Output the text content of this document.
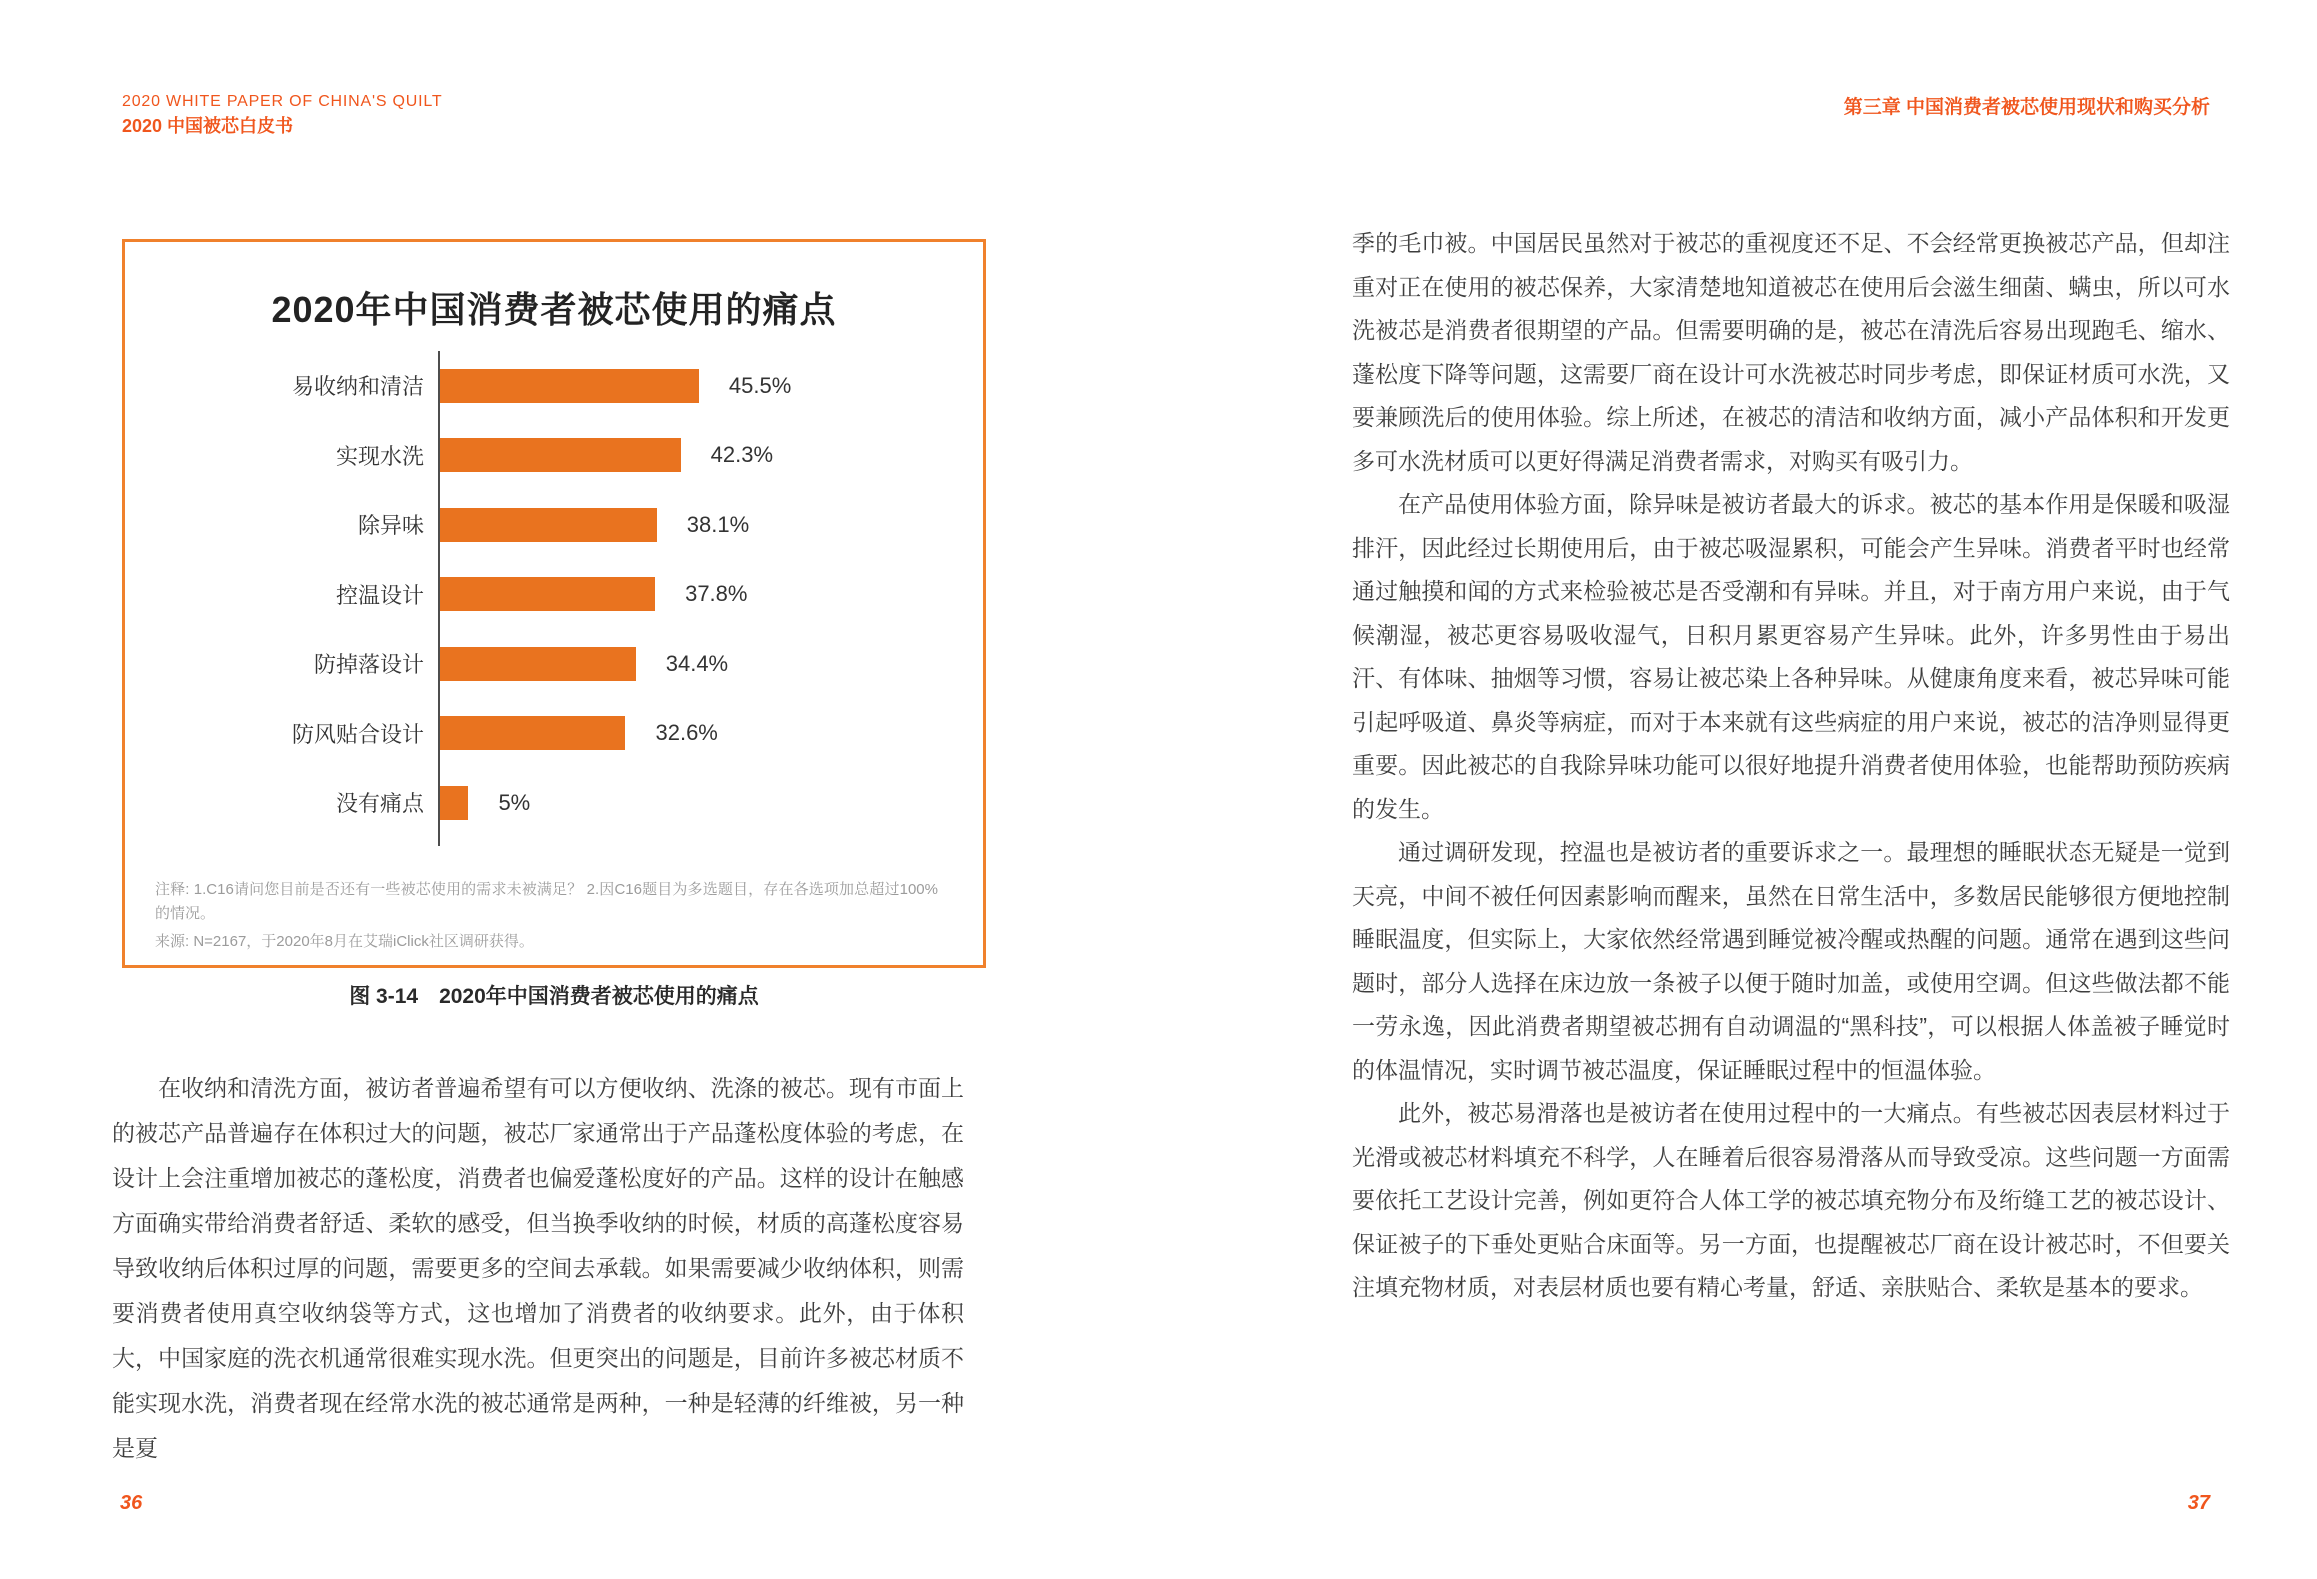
2020 WHITE PAPER OF CHINA'S QUILT
2020 中国被芯白皮书
第三章 中国消费者被芯使用现状和购买分析
2020年中国消费者被芯使用的痛点
易收纳和清洁	45.5%
实现水洗	42.3%
除异味	38.1%
控温设计	37.8%
防掉落设计	34.4%
防风贴合设计	32.6%
没有痛点	5%

注释: 1.C16请问您目前是否还有一些被芯使用的需求未被满足？ 2.因C16题目为多选题目，存在各选项加总超过100%的情况。

来源: N=2167，于2020年8月在艾瑞iClick社区调研获得。

图 3-14　2020年中国消费者被芯使用的痛点

在收纳和清洗方面，被访者普遍希望有可以方便收纳、洗涤的被芯。现有市面上的被芯产品普遍存在体积过大的问题，被芯厂家通常出于产品蓬松度体验的考虑，在设计上会注重增加被芯的蓬松度，消费者也偏爱蓬松度好的产品。这样的设计在触感方面确实带给消费者舒适、柔软的感受，但当换季收纳的时候，材质的高蓬松度容易导致收纳后体积过厚的问题，需要更多的空间去承载。如果需要减少收纳体积，则需要消费者使用真空收纳袋等方式，这也增加了消费者的收纳要求。此外，由于体积大，中国家庭的洗衣机通常很难实现水洗。但更突出的问题是，目前许多被芯材质不能实现水洗，消费者现在经常水洗的被芯通常是两种，一种是轻薄的纤维被，另一种是夏

季的毛巾被。中国居民虽然对于被芯的重视度还不足、不会经常更换被芯产品，但却注重对正在使用的被芯保养，大家清楚地知道被芯在使用后会滋生细菌、螨虫，所以可水洗被芯是消费者很期望的产品。但需要明确的是，被芯在清洗后容易出现跑毛、缩水、蓬松度下降等问题，这需要厂商在设计可水洗被芯时同步考虑，即保证材质可水洗，又要兼顾洗后的使用体验。综上所述，在被芯的清洁和收纳方面，减小产品体积和开发更多可水洗材质可以更好得满足消费者需求，对购买有吸引力。

在产品使用体验方面，除异味是被访者最大的诉求。被芯的基本作用是保暖和吸湿排汗，因此经过长期使用后，由于被芯吸湿累积，可能会产生异味。消费者平时也经常通过触摸和闻的方式来检验被芯是否受潮和有异味。并且，对于南方用户来说，由于气候潮湿，被芯更容易吸收湿气，日积月累更容易产生异味。此外，许多男性由于易出汗、有体味、抽烟等习惯，容易让被芯染上各种异味。从健康角度来看，被芯异味可能引起呼吸道、鼻炎等病症，而对于本来就有这些病症的用户来说，被芯的洁净则显得更重要。因此被芯的自我除异味功能可以很好地提升消费者使用体验，也能帮助预防疾病的发生。

通过调研发现，控温也是被访者的重要诉求之一。最理想的睡眠状态无疑是一觉到天亮，中间不被任何因素影响而醒来，虽然在日常生活中，多数居民能够很方便地控制睡眠温度，但实际上，大家依然经常遇到睡觉被冷醒或热醒的问题。通常在遇到这些问题时，部分人选择在床边放一条被子以便于随时加盖，或使用空调。但这些做法都不能一劳永逸，因此消费者期望被芯拥有自动调温的“黑科技”，可以根据人体盖被子睡觉时的体温情况，实时调节被芯温度，保证睡眠过程中的恒温体验。

此外，被芯易滑落也是被访者在使用过程中的一大痛点。有些被芯因表层材料过于光滑或被芯材料填充不科学，人在睡着后很容易滑落从而导致受凉。这些问题一方面需要依托工艺设计完善，例如更符合人体工学的被芯填充物分布及绗缝工艺的被芯设计、保证被子的下垂处更贴合床面等。另一方面，也提醒被芯厂商在设计被芯时，不但要关注填充物材质，对表层材质也要有精心考量，舒适、亲肤贴合、柔软是基本的要求。

36	37
